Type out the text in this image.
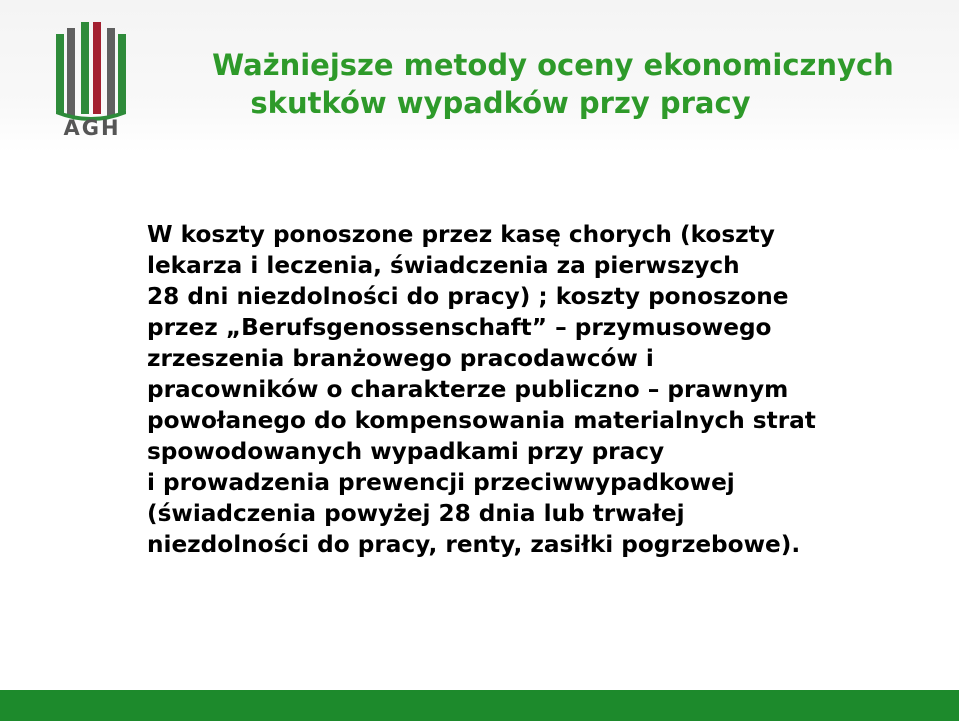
AGH
Ważniejsze metody oceny ekonomicznych
skutków wypadków przy pracy
W koszty ponoszone przez kasę chorych (koszty
lekarza i leczenia, świadczenia za pierwszych
28 dni niezdolności do pracy) ; koszty ponoszone
przez „Berufsgenossenschaft” – przymusowego
zrzeszenia branżowego pracodawców i
pracowników o charakterze publiczno – prawnym
powołanego do kompensowania materialnych strat
spowodowanych wypadkami przy pracy
i prowadzenia prewencji przeciwwypadkowej
(świadczenia powyżej 28 dnia lub trwałej
niezdolności do pracy, renty, zasiłki pogrzebowe).
